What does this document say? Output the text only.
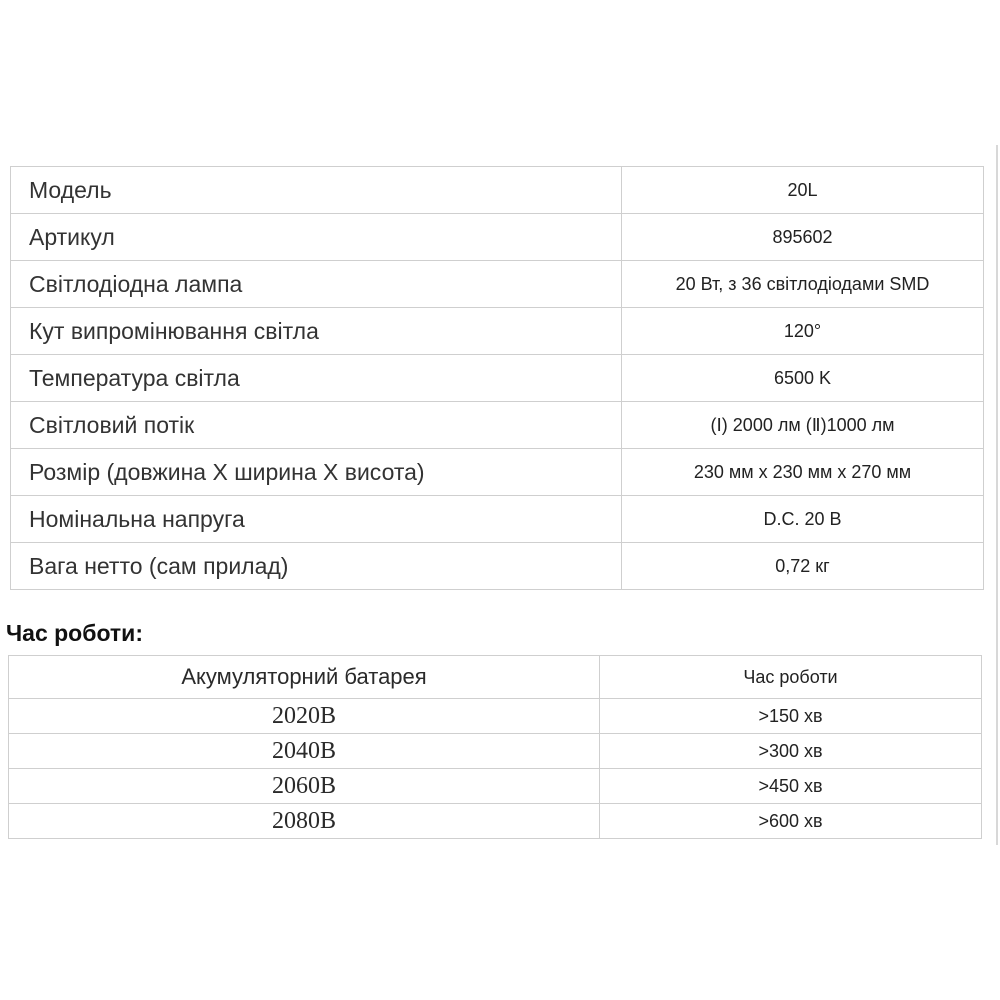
Модель	20L
Артикул	895602
Світлодіодна лампа	20 Вт, з 36 світлодіодами SMD
Кут випромінювання світла	120°
Температура світла	6500 K
Світловий потік	(Ⅰ) 2000 лм (Ⅱ)1000 лм
Розмір (довжина X ширина X висота)	230 мм x 230 мм x 270 мм
Номінальна напруга	D.C. 20 В
Вага нетто (сам прилад)	0,72 кг
Час роботи:
Акумуляторний батарея	Час роботи
2020B	>150 хв
2040B	>300 хв
2060B	>450 хв
2080B	>600 хв
